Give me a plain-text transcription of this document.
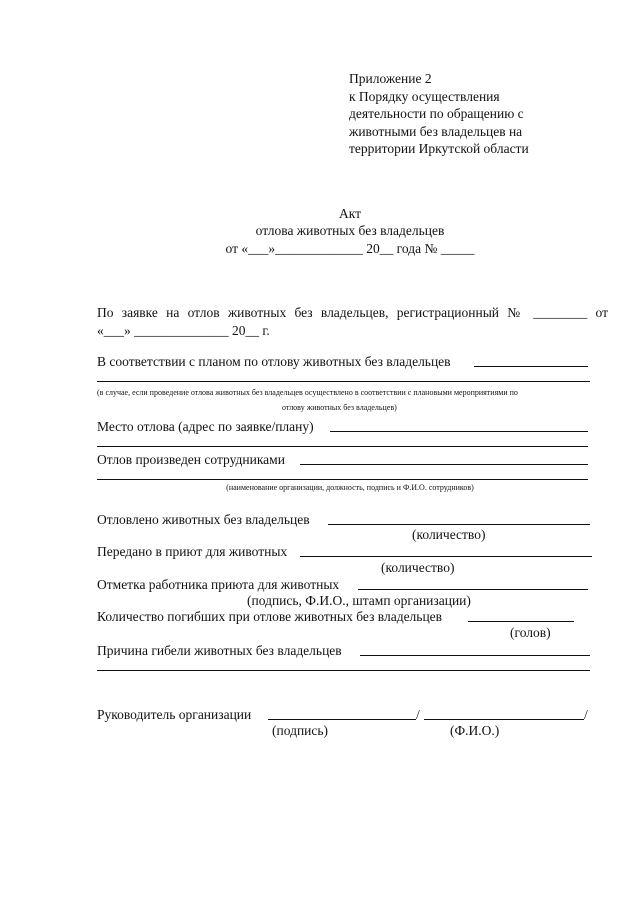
Приложение 2

к Порядку осуществления

деятельности по обращению с

животными без владельцев на

территории Иркутской области

Акт
отлова животных без владельцев
от «___»_____________ 20__ года № _____
По заявке на отлов животных без владельцев, регистрационный № ________ от
«___» ______________ 20__ г.
В соответствии с планом по отлову животных без владельцев
(в случае, если проведение отлова животных без владельцев осуществлено в соответствии с плановыми мероприятиями по
отлову животных без владельцев)
Место отлова (адрес по заявке/плану)
Отлов произведен сотрудниками
(наименование организации, должность, подпись и Ф.И.О. сотрудников)
Отловлено животных без владельцев
(количество)
Передано в приют для животных
(количество)
Отметка работника приюта для животных
(подпись, Ф.И.О., штамп организации)
Количество погибших при отлове животных без владельцев
(голов)
Причина гибели животных без владельцев
Руководитель организации	/	/
(подпись)	(Ф.И.О.)
